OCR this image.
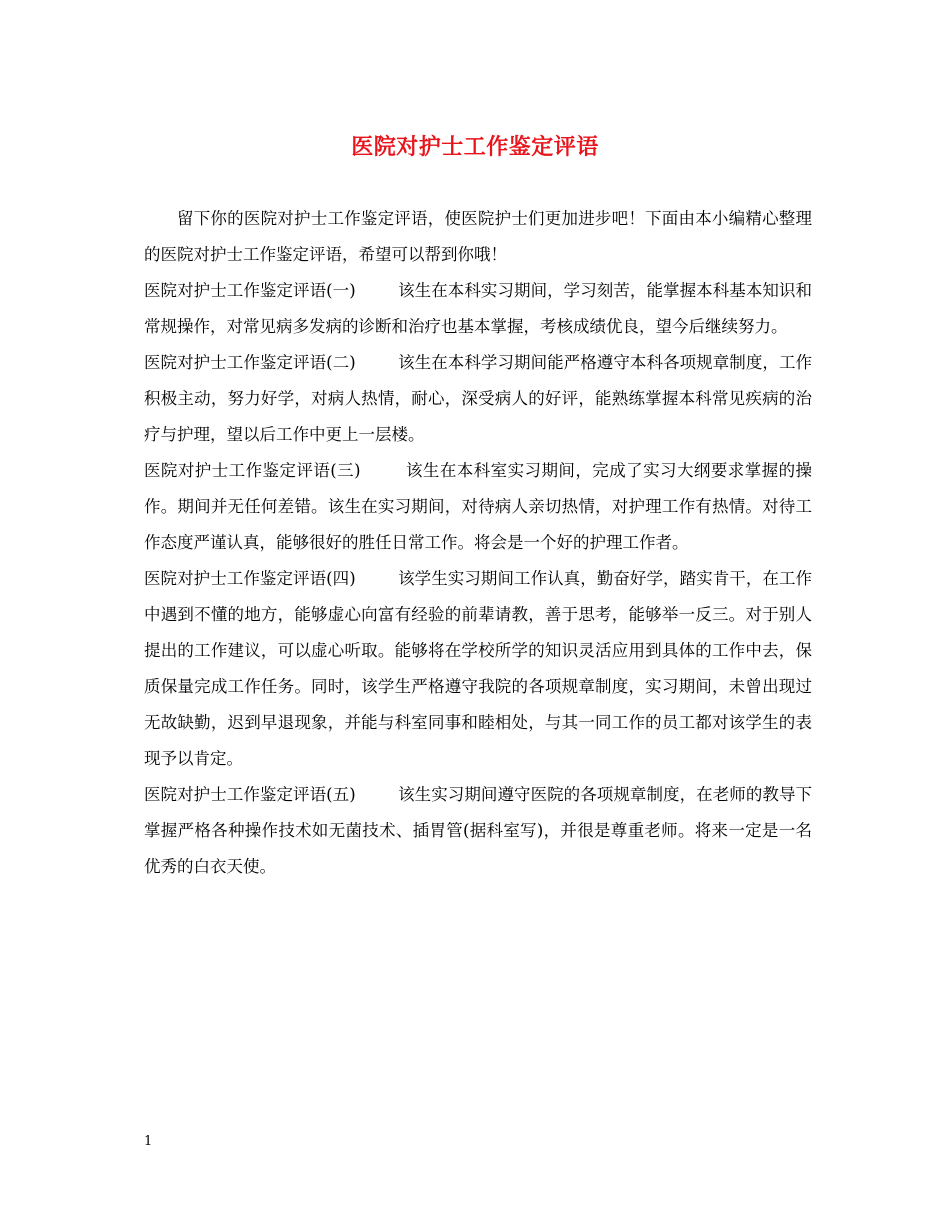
医院对护士工作鉴定评语

留下你的医院对护士工作鉴定评语，使医院护士们更加进步吧！下面由本小编精心整理的医院对护士工作鉴定评语，希望可以帮到你哦！

医院对护士工作鉴定评语(一)	该生在本科实习期间，学习刻苦，能掌握本科基本知识和常规操作，对常见病多发病的诊断和治疗也基本掌握，考核成绩优良，望今后继续努力。

医院对护士工作鉴定评语(二)	该生在本科学习期间能严格遵守本科各项规章制度，工作积极主动，努力好学，对病人热情，耐心，深受病人的好评，能熟练掌握本科常见疾病的治疗与护理，望以后工作中更上一层楼。

医院对护士工作鉴定评语(三)	该生在本科室实习期间，完成了实习大纲要求掌握的操作。期间并无任何差错。该生在实习期间，对待病人亲切热情，对护理工作有热情。对待工作态度严谨认真，能够很好的胜任日常工作。将会是一个好的护理工作者。

医院对护士工作鉴定评语(四)	该学生实习期间工作认真，勤奋好学，踏实肯干，在工作中遇到不懂的地方，能够虚心向富有经验的前辈请教，善于思考，能够举一反三。对于别人提出的工作建议，可以虚心听取。能够将在学校所学的知识灵活应用到具体的工作中去，保质保量完成工作任务。同时，该学生严格遵守我院的各项规章制度，实习期间，未曾出现过无故缺勤，迟到早退现象，并能与科室同事和睦相处，与其一同工作的员工都对该学生的表现予以肯定。

医院对护士工作鉴定评语(五)	该生实习期间遵守医院的各项规章制度，在老师的教导下掌握严格各种操作技术如无菌技术、插胃管(据科室写)，并很是尊重老师。将来一定是一名优秀的白衣天使。

1
